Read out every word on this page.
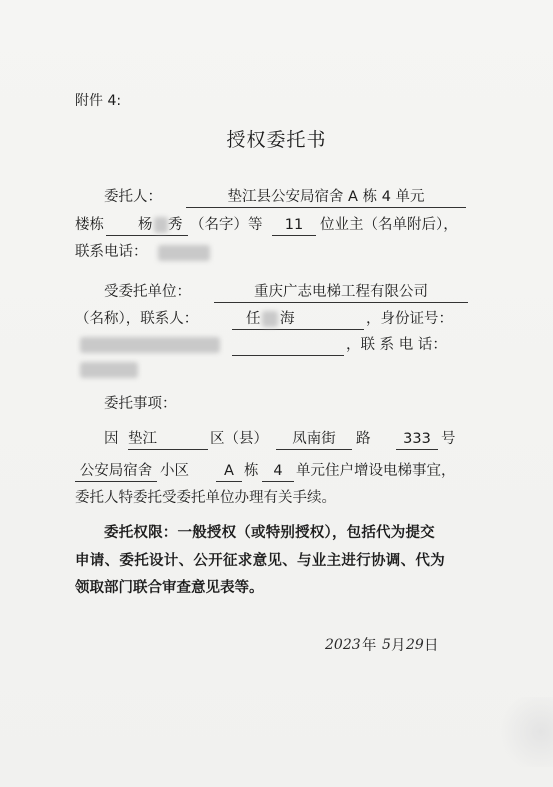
附件 4:
授权委托书
委托人：	垫江县公安局宿舍 A 栋 4 单元
楼栋 杨 秀 （名字）等	11	位业主（名单附后），
联系电话：
受委托单位：	重庆广志电梯工程有限公司
（名称），联系人：	任 海	，身份证号：
，联 系 电 话：
委托事项：
因 垫江	区（县）	凤南街	路	333 号
公安局宿舍 小区	A 栋	4 单元住户增设电梯事宜，
委托人特委托受委托单位办理有关手续。
委托权限：一般授权（或特别授权），包括代为提交
申请、委托设计、公开征求意见、与业主进行协调、代为
领取部门联合审查意见表等。
2023 年 5 月 29 日
